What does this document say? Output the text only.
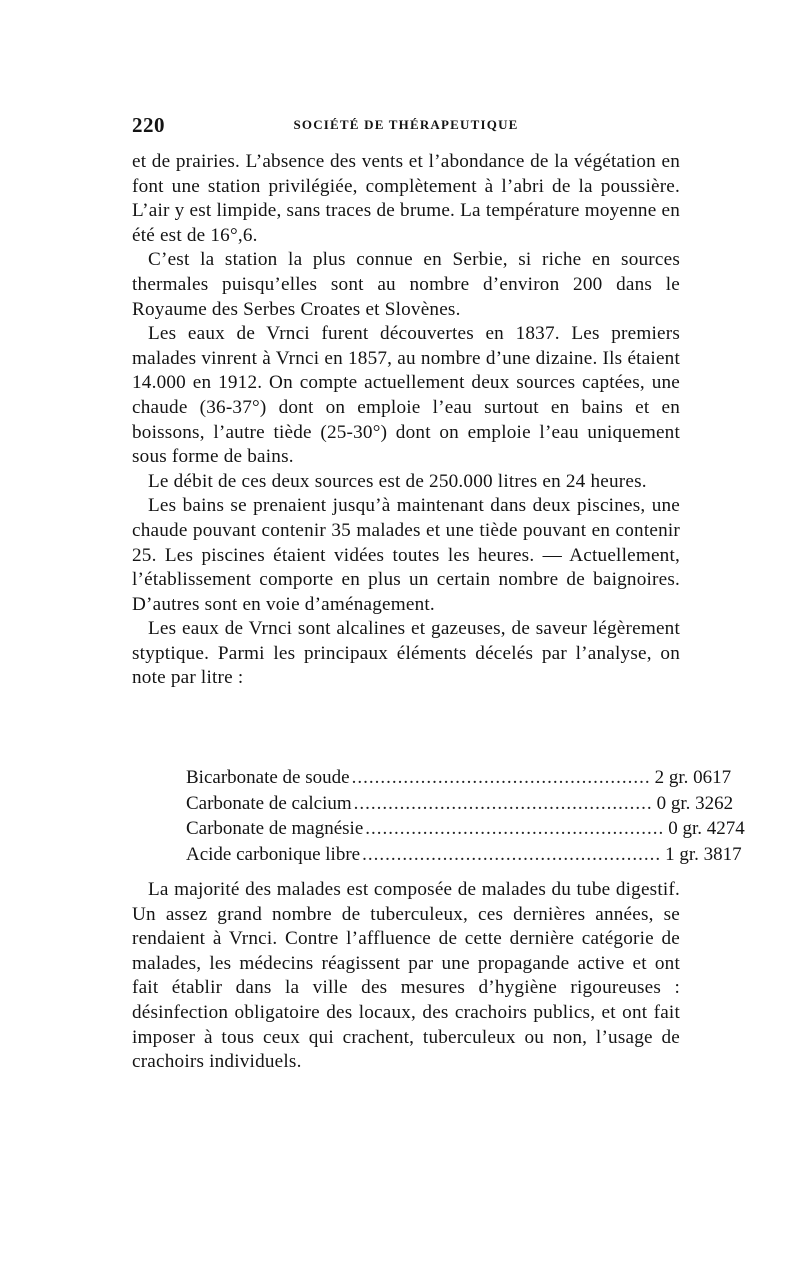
220	SOCIÉTÉ DE THÉRAPEUTIQUE

et de prairies. L’absence des vents et l’abondance de la végétation en font une station privilégiée, complètement à l’abri de la poussière. L’air y est limpide, sans traces de brume. La température moyenne en été est de 16°,6.

C’est la station la plus connue en Serbie, si riche en sources thermales puisqu’elles sont au nombre d’environ 200 dans le Royaume des Serbes Croates et Slovènes.

Les eaux de Vrnci furent découvertes en 1837. Les premiers malades vinrent à Vrnci en 1857, au nombre d’une dizaine. Ils étaient 14.000 en 1912. On compte actuellement deux sources captées, une chaude (36-37°) dont on emploie l’eau surtout en bains et en boissons, l’autre tiède (25-30°) dont on emploie l’eau uniquement sous forme de bains.

Le débit de ces deux sources est de 250.000 litres en 24 heures.

Les bains se prenaient jusqu’à maintenant dans deux piscines, une chaude pouvant contenir 35 malades et une tiède pouvant en contenir 25. Les piscines étaient vidées toutes les heures. — Actuellement, l’établissement comporte en plus un certain nombre de baignoires. D’autres sont en voie d’aménagement.

Les eaux de Vrnci sont alcalines et gazeuses, de saveur légèrement styptique. Parmi les principaux éléments décelés par l’analyse, on note par litre :

Bicarbonate de soude .................................................... 2 gr. 0617
Carbonate de calcium .................................................... 0 gr. 3262
Carbonate de magnésie .................................................... 0 gr. 4274
Acide carbonique libre .................................................... 1 gr. 3817

La majorité des malades est composée de malades du tube digestif. Un assez grand nombre de tuberculeux, ces dernières années, se rendaient à Vrnci. Contre l’affluence de cette dernière catégorie de malades, les médecins réagissent par une propagande active et ont fait établir dans la ville des mesures d’hygiène rigoureuses : désinfection obligatoire des locaux, des crachoirs publics, et ont fait imposer à tous ceux qui crachent, tuberculeux ou non, l’usage de crachoirs individuels.
